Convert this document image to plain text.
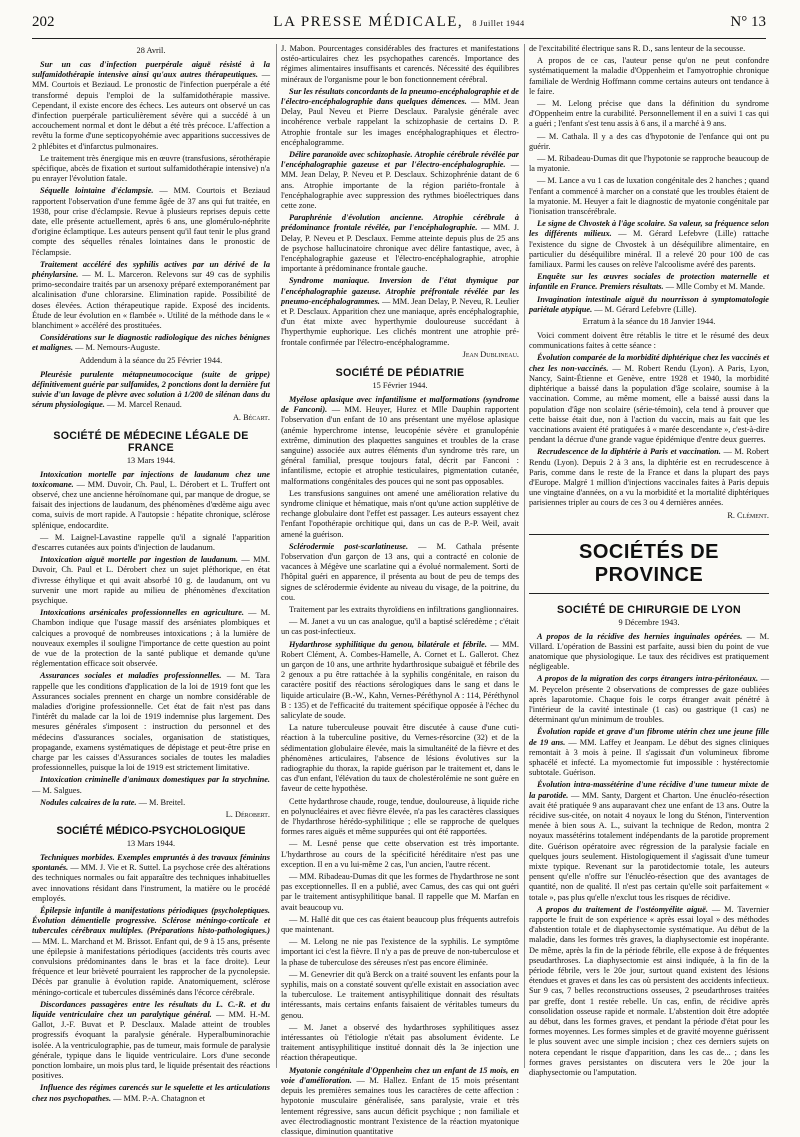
202	LA PRESSE MÉDICALE, 8 Juillet 1944	N° 13
28 Avril.

Sur un cas d'infection puerpérale aiguë résisté à la sulfamidothérapie intensive ainsi qu'aux autres thérapeutiques. — MM. Courtois et Beziaud. Le pronostic de l'infection puerpérale a été transformé depuis l'emploi de la sulfamidothérapie massive. Cependant, il existe encore des échecs. Les auteurs ont observé un cas d'infection puerpérale particulièrement sévère qui a succédé à un accouchement normal et dont le début a été très précoce. L'affection a revêtu la forme d'une septicopyohémie avec apparitions successives de 2 phlébites et d'infarctus pulmonaires.

Le traitement très énergique mis en œuvre (transfusions, sérothérapie spécifique, abcès de fixation et surtout sulfamidothérapie intensive) n'a pu enrayer l'évolution fatale.

Séquelle lointaine d'éclampsie. — MM. Courtois et Beziaud rapportent l'observation d'une femme âgée de 37 ans qui fut traitée, en 1938, pour crise d'éclampsie. Revue à plusieurs reprises depuis cette date, elle présente actuellement, après 6 ans, une glomérulo-néphrite d'origine éclamptique. Les auteurs pensent qu'il faut tenir le plus grand compte des séquelles rénales lointaines dans le pronostic de l'éclampsie.

Traitement accéléré des syphilis actives par un dérivé de la phénylarsine. — M. L. Marceron. Relevons sur 49 cas de syphilis primo-secondaire traités par un arsenoxy préparé extemporanément par alcalinisation d'une chlorarsine. Elimination rapide. Possibilité de doses élevées. Action thérapeutique rapide. Exposé des incidents. Étude de leur évolution en « flambée ». Utilité de la méthode dans le « blanchiment » accéléré des prostituées.

Considérations sur le diagnostic radiologique des niches bénignes et malignes. — M. Nemours-Auguste.

Addendum à la séance du 25 Février 1944.

Pleurésie purulente métapneumococique (suite de grippe) définitivement guérie par sulfamides, 2 ponctions dont la dernière fut suivie d'un lavage de plèvre avec solution à 1/200 de silénan dans du sérum physiologique. — M. Marcel Renaud.

A. Bécart.
SOCIÉTÉ DE MÉDECINE LÉGALE DE FRANCE
13 Mars 1944.

Intoxication mortelle par injections de laudanum chez une toxicomane. — MM. Duvoir, Ch. Paul, L. Dérobert et L. Truffert ont observé, chez une ancienne héroïnomane qui, par manque de drogue, se faisait des injections de laudanum, des phénomènes d'œdème aigu avec coma, suivis de mort rapide. A l'autopsie : hépatite chronique, sclérose splénique, endocardite.

— M. Laignel-Lavastine rappelle qu'il a signalé l'apparition d'escarres cutanées aux points d'injection de laudanum.

Intoxication aiguë mortelle par ingestion de laudanum. — MM. Duvoir, Ch. Paul et L. Dérobert chez un sujet pléthorique, en état d'ivresse éthylique et qui avait absorbé 10 g. de laudanum, ont vu survenir une mort rapide au milieu de phénomènes d'excitation psychique.

Intoxications arsénicales professionnelles en agriculture. — M. Chambon indique que l'usage massif des arséniates plombiques et calciques a provoqué de nombreuses intoxications ; à la lumière de nouveaux exemples il souligne l'importance de cette question au point de vue de la protection de la santé publique et demande qu'une réglementation efficace soit observée.

Assurances sociales et maladies professionnelles. — M. Tara rappelle que les conditions d'application de la loi de 1919 font que les Assurances sociales prennent en charge un nombre considérable de maladies d'origine professionnelle. Cet état de fait n'est pas dans l'intérêt du malade car la loi de 1919 indemnise plus largement. Des mesures générales s'imposent : instruction du personnel et des médecins d'assurances sociales, organisation de statistiques, propagande, examens systématiques de dépistage et peut-être prise en charge par les caisses d'Assurances sociales de toutes les maladies professionnelles, puisque la loi de 1919 est strictement limitative.

Intoxication criminelle d'animaux domestiques par la strychnine. — M. Salgues.

Nodules calcaires de la rate. — M. Breitel.

L. Dérobert.
SOCIÉTÉ MÉDICO-PSYCHOLOGIQUE
13 Mars 1944.

Techniques morbides. Exemples empruntés à des travaux féminins spontanés. — MM. J. Vie et R. Suttel. La psychose crée des altérations des techniques normales ou fait apparaître des techniques inhabituelles avec innovations résidant dans l'instrument, la matière ou le procédé employés.

Épilepsie infantile à manifestations périodiques (psycholeptiques. Évolution démentielle progressive. Sclérose méningo-corticale et tubercules cérébraux multiples. (Préparations histo-pathologiques.) — MM. L. Marchand et M. Brissot. Enfant qui, de 9 à 15 ans, présente une épilepsie à manifestations périodiques (accidents très courts avec convulsions prédominantes dans le bras et la face droite). Leur fréquence et leur brièveté pourraient les rapprocher de la pycnolepsie. Décès par granulie à évolution rapide. Anatomiquement, sclérose méningo-corticale et tubercules disséminés dans l'écorce cérébrale.

Discordances passagères entre les résultats du L. C.-R. et du liquide ventriculaire chez un paralytique général. — MM. H.-M. Gallot, J.-F. Buvat et P. Desclaux. Malade atteint de troubles progressifs évoquant la paralysie générale. Hyperalbuminorachie isolée. A la ventriculographie, pas de tumeur, mais formule de paralysie générale, typique dans le liquide ventriculaire. Lors d'une seconde ponction lombaire, un mois plus tard, le liquide présentait des réactions positives.

Influence des régimes carencés sur le squelette et les articulations chez nos psychopathes. — MM. P.-A. Chatagnon et

J. Mabon. Pourcentages considérables des fractures et manifestations ostéo-articulaires chez les psychopathes carencés. Importance des régimes alimentaires insuffisants et carencés. Nécessité des équilibres minéraux de l'organisme pour le bon fonctionnement cérébral.

Sur les résultats concordants de la pneumo-encéphalographie et de l'électro-encéphalographie dans quelques démences. — MM. Jean Delay, Paul Neveu et Pierre Desclaux. Paralysie générale avec incohérence verbale rappelant la schizophasie de certains D. P. Atrophie frontale sur les images encéphalographiques et électro-encéphalogramme.

Délire paranoïde avec schizophasie. Atrophie cérébrale révélée par l'encéphalographie gazeuse et par l'électro-encéphalographie. — MM. Jean Delay, P. Neveu et P. Desclaux. Schizophrénie datant de 6 ans. Atrophie importante de la région pariéto-frontale à l'encéphalographie avec suppression des rythmes bioélectriques dans cette zone.

Paraphrénie d'évolution ancienne. Atrophie cérébrale à prédominance frontale révélée, par l'encéphalographie. — MM. J. Delay, P. Neveu et P. Desclaux. Femme atteinte depuis plus de 25 ans de psychose hallucinatoire chronique avec délire fantastique, avec, à l'encéphalographie gazeuse et l'électro-encéphalographie, atrophie importante à prédominance frontale gauche.

Syndrome maniaque. Inversion de l'état thymique par l'encéphalographie gazeuse. Atrophie préfrontale révélée par les pneumo-encéphalogrammes. — MM. Jean Delay, P. Neveu, R. Leulier et P. Desclaux. Apparition chez une maniaque, après encéphalographie, d'un état mixte avec hyperthymie douloureuse succédant à l'hyperthymie euphorique. Les clichés montrent une atrophie pré-frontale confirmée par l'électro-encéphalogramme.

Jean Dublineau.
SOCIÉTÉ DE PÉDIATRIE
15 Février 1944.

Myélose aplasique avec infantilisme et malformations (syndrome de Fanconi). — MM. Heuyer, Hurez et Mlle Dauphin rapportent l'observation d'un enfant de 10 ans présentant une myélose aplasique (anémie hyperchrome intense, leucopénie sévère et granulopénie extrême, diminution des plaquettes sanguines et troubles de la crase sanguine) associée aux autres éléments d'un syndrome très rare, un général familial, presque toujours fatal, décrit par Fanconi : infantilisme, ectopie et atrophie testiculaires, pigmentation cutanée, malformations congénitales des pouces qui ne sont pas opposables.

Les transfusions sanguines ont amené une amélioration relative du syndrome clinique et hématique, mais n'ont qu'une action supplétive de rechange globulaire dont l'effet est passager. Les auteurs essayent chez l'enfant l'opothérapie orchitique qui, dans un cas de P.-P. Weil, avait amené la guérison.

Sclérodermie post-scarlatineuse. — M. Cathala présente l'observation d'un garçon de 13 ans, qui a contracté en colonie de vacances à Mégève une scarlatine qui a évolué normalement. Sorti de l'hôpital guéri en apparence, il présenta au bout de peu de temps des signes de sclérodermie évidente au niveau du visage, de la poitrine, du cou.

Traitement par les extraits thyroïdiens en infiltrations ganglionnaires.

— M. Janet a vu un cas analogue, qu'il a baptisé scléredème ; c'était un cas post-infectieux.

Hydarthrose syphilitique du genou, bilatérale et fébrile. — MM. Robert Clément, A. Combes-Hamelle, A. Cornet et L. Gallerot. Chez un garçon de 10 ans, une arthrite hydarthrosique subaiguë et fébrile des 2 genoux a pu être rattachée à la syphilis congénitale, en raison du caractère positif des réactions sérologiques dans le sang et dans le liquide articulaire (B.-W., Kahn, Vernes-Péréthynol A : 114, Péréthynol B : 135) et de l'efficacité du traitement spécifique opposée à l'échec du salicylate de soude.

La nature tuberculeuse pouvait être discutée à cause d'une cuti-réaction à la tuberculine positive, du Vernes-résorcine (32) et de la sédimentation globulaire élevée, mais la simultanéité de la fièvre et des phénomènes articulaires, l'absence de lésions évolutives sur la radiographie du thorax, la rapide guérison par le traitement et, dans le cas d'un enfant, l'élévation du taux de cholestérolémie ne sont guère en faveur de cette hypothèse.

Cette hydarthrose chaude, rouge, tendue, douloureuse, à liquide riche en polynucléaires et avec fièvre élevée, n'a pas les caractères classiques de l'hydarthrose hérédo-syphilitique ; elle se rapproche de quelques formes rares aiguës et même suppurées qui ont été rapportées.

— M. Lesné pense que cette observation est très importante. L'hydarthrose au cours de la spécificité héréditaire n'est pas une exception. Il en a vu lui-même 2 cas, l'un ancien, l'autre récent.

— MM. Ribadeau-Dumas dit que les formes de l'hydarthrose ne sont pas exceptionnelles. Il en a publié, avec Camus, des cas qui ont guéri par le traitement antisyphilitique banal. Il rappelle que M. Marfan en avait beaucoup vu.

— M. Hallé dit que ces cas étaient beaucoup plus fréquents autrefois que maintenant.

— M. Lelong ne nie pas l'existence de la syphilis. Le symptôme important ici c'est la fièvre. Il n'y a pas de preuve de non-tuberculose et la phase de tuberculose des séreuses n'est pas encore éliminée.

— M. Genevrier dit qu'à Berck on a traité souvent les enfants pour la syphilis, mais on a constaté souvent qu'elle existait en association avec la tuberculose. Le traitement antisyphilitique donnait des résultats intéressants, mais certains enfants faisaient de véritables tumeurs du genou.

— M. Janet a observé des hydarthroses syphilitiques assez intéressantes où l'étiologie n'était pas absolument évidente. Le traitement antisyphilitique institué donnait dès la 3e injection une réaction thérapeutique.

Myatonie congénitale d'Oppenheim chez un enfant de 15 mois, en voie d'amélioration. — M. Hallez. Enfant de 15 mois présentant depuis les premières semaines tous les caractères de cette affection : hypotonie musculaire généralisée, sans paralysie, vraie et très lentement régressive, sans aucun déficit psychique ; non familiale et avec électrodiagnostic montrant l'existence de la réaction myatonique classique, diminution quantitative

de l'excitabilité électrique sans R. D., sans lenteur de la secousse.

A propos de ce cas, l'auteur pense qu'on ne peut confondre systématiquement la maladie d'Oppenheim et l'amyotrophie chronique familiale de Werdnig Hoffmann comme certains auteurs ont tendance à le faire.

— M. Lelong précise que dans la définition du syndrome d'Oppenheim entre la curabilité. Personnellement il en a suivi 1 cas qui a guéri ; l'enfant s'est tenu assis à 6 ans, il a marché à 9 ans.

— M. Cathala. Il y a des cas d'hypotonie de l'enfance qui ont pu guérir.

— M. Ribadeau-Dumas dit que l'hypotonie se rapproche beaucoup de la myatonie.

— M. Lance a vu 1 cas de luxation congénitale des 2 hanches ; quand l'enfant a commencé à marcher on a constaté que les troubles étaient de la myatonie. M. Heuyer a fait le diagnostic de myatonie congénitale par l'ionisation transcérébrale.

Le signe de Chvostek à l'âge scolaire. Sa valeur, sa fréquence selon les différents milieux. — M. Gérard Lefebvre (Lille) rattache l'existence du signe de Chvostek à un déséquilibre alimentaire, en particulier du déséquilibre minéral. Il a relevé 20 pour 100 de cas familiaux. Parmi les causes on relève l'alcoolisme avéré des parents.

Enquête sur les œuvres sociales de protection maternelle et infantile en France. Premiers résultats. — Mlle Comby et M. Mande.

Invagination intestinale aiguë du nourrisson à symptomatologie pariétale atypique. — M. Gérard Lefebvre (Lille).

Erratum à la séance du 18 Janvier 1944.

Voici comment doivent être rétablis le titre et le résumé des deux communications faites à cette séance :

Évolution comparée de la morbidité diphtérique chez les vaccinés et chez les non-vaccinés. — M. Robert Rendu (Lyon). A Paris, Lyon, Nancy, Saint-Étienne et Genève, entre 1928 et 1940, la morbidité diphtérique a baissé dans la population d'âge scolaire, soumise à la vaccination. Comme, au même moment, elle a baissé aussi dans la population d'âge non scolaire (série-témoin), cela tend à prouver que cette baisse était due, non à l'action du vaccin, mais au fait que les vaccinations avaient été pratiquées à « marée descendante », c'est-à-dire pendant la décrue d'une grande vague épidémique d'entre deux guerres.

Recrudescence de la diphtérie à Paris et vaccination. — M. Robert Rendu (Lyon). Depuis 2 à 3 ans, la diphtérie est en recrudescence à Paris, comme dans le reste de la France et dans la plupart des pays d'Europe. Malgré 1 million d'injections vaccinales faites à Paris depuis une vingtaine d'années, on a vu la morbidité et la mortalité diphtériques parisiennes tripler au cours de ces 3 ou 4 dernières années.

R. Clément.
SOCIÉTÉS DE PROVINCE
SOCIÉTÉ DE CHIRURGIE DE LYON
9 Décembre 1943.

A propos de la récidive des hernies inguinales opérées. — M. Villard. L'opération de Bassini est parfaite, aussi bien du point de vue anatomique que physiologique. Le taux des récidives est pratiquement négligeable.

A propos de la migration des corps étrangers intra-péritonéaux. — M. Peycelon présente 2 observations de compresses de gaze oubliées après laparotomie. Chaque fois le corps étranger avait pénétré à l'intérieur de la cavité intestinale (1 cas) ou gastrique (1 cas) ne déterminant qu'un minimum de troubles.

Évolution rapide et grave d'un fibrome utérin chez une jeune fille de 19 ans. — MM. Laffey et Jeanpam. Le début des signes cliniques remontait à 3 mois à peine. Il s'agissait d'un volumineux fibrome sphacélé et infecté. La myomectomie fut impossible : hystérectomie subtotale. Guérison.

Évolution intra-massétérine d'une récidive d'une tumeur mixte de la parotide. — MM. Santy, Dargent et Charton. Une énucléo-résection avait été pratiquée 9 ans auparavant chez une enfant de 13 ans. Outre la récidive sus-citée, on notait 4 noyaux le long du Sténon, l'intervention menée à bien sous A. L., suivant la technique de Redon, montra 2 noyaux massétérins totalement indépendants de la parotide proprement dite. Guérison opératoire avec régression de la paralysie faciale en quelques jours seulement. Histologiquement il s'agissait d'une tumeur mixte typique. Revenant sur la parotidectomie totale, les auteurs pensent qu'elle n'offre sur l'énucléo-résection que des avantages de quantité, non de qualité. Il n'est pas certain qu'elle soit parfaitement « totale », pas plus qu'elle n'exclut tous les risques de récidive.

A propos du traitement de l'ostéomyélite aiguë. — M. Tavernier rapporte le fruit de son expérience « après essai loyal » des méthodes d'abstention totale et de diaphysectomie systématique. Au début de la maladie, dans les formes très graves, la diaphysectomie est inopérante. De même, après la fin de la période fébrile, elle expose à de fréquentes pseudarthroses. La diaphysectomie est ainsi indiquée, à la fin de la période fébrile, vers le 20e jour, surtout quand existent des lésions étendues et graves et dans les cas où persistent des accidents infectieux. Sur 9 cas, 7 belles reconstructions osseuses, 2 pseudarthroses traitées par greffe, dont 1 restée rebelle. Un cas, enfin, de récidive après consolidation osseuse rapide et normale. L'abstention doit être adoptée au début, dans les formes graves, et pendant la période d'état pour les formes moyennes. Les formes simples et de gravité moyenne guérissent le plus souvent avec une simple incision ; chez ces derniers sujets on notera cependant le risque d'apparition, dans les cas de... ; dans les formes graves persistantes on discutera vers le 20e jour la diaphysectomie ou l'amputation.
